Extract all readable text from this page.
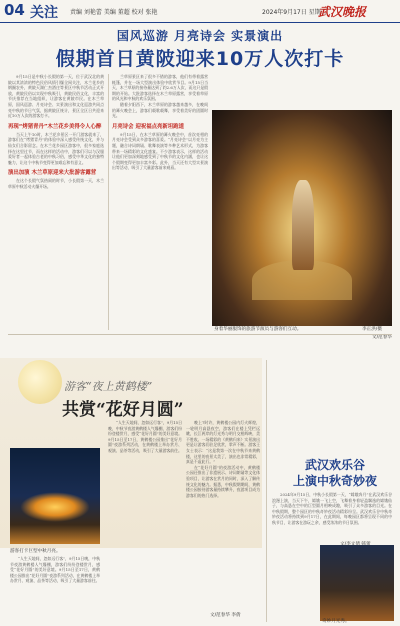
04 关注 责编 刘艳蕾 美编 董超 校对 张艳	2024年9月17日 星期二
武汉晚报
国风巡游 月亮诗会 实景演出
假期首日黄陂迎来10万人次打卡

9月15日是中秋小长假的第一天，位于武汉北的黄陂以其浓浓的特色民俗风情引爆全网关注，木兰花乡的钢圈农外，黄陂天湖仁杰酒庄等景区中秋节活动正式开放，黄陂民俗以实现中秋吸引，黄陂民俗文化，丰富的节庆推荐在当地组织，让游客在黄陂市民。在木兰草原，国风巡游、月亮诗会、实景演出和文化巡游共同点亮中秋的节日气氛，据黄陂区统计，景区全区日共迎来近10万人次的游客打卡。

再现“烤猪青丹”木兰花乡美得令人心醉

当天上午10时，木兰花乡景区一开门游客就来了，游客们在“烤猪青丹”的体验中深入感受传统文化，并与仙女们合影留念。在木兰花乡园区游客中，很多家庭选择在这里过节，而在这样的活动中，游客们可以与汉服爱好者一起体验古老的中秋习俗，感受中华文化的独特魅力，让这个中秋节变得更加难忘和有意义。

演出加演 木兰草原迎来大批游客露营

在这个长假气氛热闹的时节，小长假第一天，木兰草原中秋活动火爆开场。

兰草原景区来了很多不错的游客，他们有带着露营帐篷，并在一场大型演出体验中欣赏节目。9月15日当天，木兰草原的接待量达到了约2.6万人次，而这只是假期的开始。大批游客选择在木兰草原露营，享受着草原的风光和中秋的欢乐氛围。

随着夕阳西下，木兰草原的游客越来越多，在晚间的篝火晚会上，游客们载歌载舞，享受着美好的团圆时光。

月亮诗会 迎祝福点亮新坦跑道

9月15日，在木兰草原的篝火晚会中，首次亮相的月亮诗会受到众多游客的喜爱。“月亮诗会”以月亮为主题，融合诗词朗诵、歌舞表演等多种艺术形式，为游客带来一场精彩的文化盛宴。不少游客表示，这样的活动让他们更加深刻地感受到了中秋节的文化内涵，也让这个假期变得更加丰富多彩。此外，当天还有大型实景演出等活动，吸引了大量游客前来观看。

身着华丽服饰的旅游节演员与游客们互动。	李正洪/摄
文/范春华
游客“夜上黄鹤楼”
共赏“花好月圆”

“人生天地间，忽如远行客”，9月15日晚，中秋节夜游黄鹤楼人气爆棚，游客们纷纷登楼赏月，感受“花好月圆”的美好意境。9月15日至17日，黄鹤楼公园推出“花好月圆”夜游系列活动，在黄鹤楼上举办赏月、观演、品茶等活动，吸引了大量游客前往。

晚上7时许，黄鹤楼公园内灯火辉煌，一轮明月高悬夜空，游客们在楼上凭栏远眺，长江两岸的灯光秀与明月交相辉映，美不胜收。一场精彩的《黄鹤归来》实景演出更是让游客们驻足欣赏，掌声不断。游客王女士表示：“这是我第一次在中秋节来黄鹤楼，这里的夜景太美了，演出也非常精彩，真是不虚此行。”

在“花好月圆”的夜游活动中，黄鹤楼公园还推出了非遗展示、诗词朗诵等文化体验项目，让游客在赏月的同时，深入了解传统文化的魅力。据悉，中秋假期期间，黄鹤楼公园接待游客量持续攀升，夜游项目成为游客们的热门选择。

游客打卡巨型中秋月亮。

“人生天地间，忽如远行客”，9月15日晚，中秋节夜游黄鹤楼人气爆棚，游客们纷纷登楼赏月，感受“花好月圆”的美好意境。9月15日至17日，黄鹤楼公园推出“花好月圆”夜游系列活动，在黄鹤楼上举办赏月、观演、品茶等活动，吸引了大量游客前往。

文/范春华 李倩
武汉欢乐谷
上演中秋奇妙夜

2024年9月15日，中秋小长假第一天，“嫦娥奔月”在武汉欢乐谷浪漫上演，当天下午，嫦娥一飞上空，飞舞着身着轻盈飘逸的嫦娥仙子，与高悬在空中的巨型圆月相映成趣，吸引了众多游客的目光。在中秋假期，整个园区的中秋奇妙夜活动精彩纷呈。武汉欢乐谷中秋奇妙夜活动将持续到9月17日，在此期间，每晚园区都将呈现不同的中秋节目，让游客在游玩之余，感受浓浓的节日氛围。

奇妙月光秀。
